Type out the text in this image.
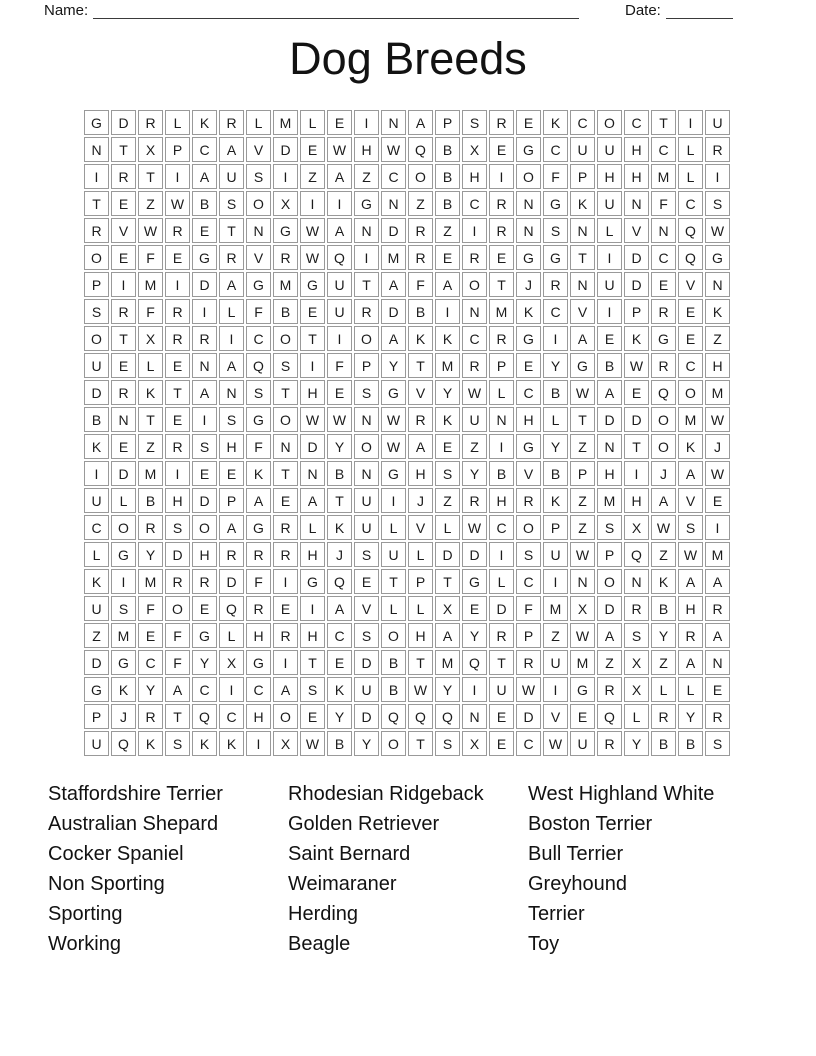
Name:	Date:
Dog Breeds
G	D	R	L	K	R	L	M	L	E	I	N	A	P	S	R	E	K	C	O	C	T	I	U
N	T	X	P	C	A	V	D	E	W	H	W	Q	B	X	E	G	C	U	U	H	C	L	R
I	R	T	I	A	U	S	I	Z	A	Z	C	O	B	H	I	O	F	P	H	H	M	L	I
T	E	Z	W	B	S	O	X	I	I	G	N	Z	B	C	R	N	G	K	U	N	F	C	S
R	V	W	R	E	T	N	G	W	A	N	D	R	Z	I	R	N	S	N	L	V	N	Q	W
O	E	F	E	G	R	V	R	W	Q	I	M	R	E	R	E	G	G	T	I	D	C	Q	G
P	I	M	I	D	A	G	M	G	U	T	A	F	A	O	T	J	R	N	U	D	E	V	N
S	R	F	R	I	L	F	B	E	U	R	D	B	I	N	M	K	C	V	I	P	R	E	K
O	T	X	R	R	I	C	O	T	I	O	A	K	K	C	R	G	I	A	E	K	G	E	Z
U	E	L	E	N	A	Q	S	I	F	P	Y	T	M	R	P	E	Y	G	B	W	R	C	H
D	R	K	T	A	N	S	T	H	E	S	G	V	Y	W	L	C	B	W	A	E	Q	O	M
B	N	T	E	I	S	G	O	W	W	N	W	R	K	U	N	H	L	T	D	D	O	M	W
K	E	Z	R	S	H	F	N	D	Y	O	W	A	E	Z	I	G	Y	Z	N	T	O	K	J
I	D	M	I	E	E	K	T	N	B	N	G	H	S	Y	B	V	B	P	H	I	J	A	W
U	L	B	H	D	P	A	E	A	T	U	I	J	Z	R	H	R	K	Z	M	H	A	V	E
C	O	R	S	O	A	G	R	L	K	U	L	V	L	W	C	O	P	Z	S	X	W	S	I
L	G	Y	D	H	R	R	R	H	J	S	U	L	D	D	I	S	U	W	P	Q	Z	W	M
K	I	M	R	R	D	F	I	G	Q	E	T	P	T	G	L	C	I	N	O	N	K	A	A
U	S	F	O	E	Q	R	E	I	A	V	L	L	X	E	D	F	M	X	D	R	B	H	R
Z	M	E	F	G	L	H	R	H	C	S	O	H	A	Y	R	P	Z	W	A	S	Y	R	A
D	G	C	F	Y	X	G	I	T	E	D	B	T	M	Q	T	R	U	M	Z	X	Z	A	N
G	K	Y	A	C	I	C	A	S	K	U	B	W	Y	I	U	W	I	G	R	X	L	L	E
P	J	R	T	Q	C	H	O	E	Y	D	Q	Q	Q	N	E	D	V	E	Q	L	R	Y	R
U	Q	K	S	K	K	I	X	W	B	Y	O	T	S	X	E	C	W	U	R	Y	B	B	S
Staffordshire Terrier
Australian Shepard
Cocker Spaniel
Non Sporting
Sporting
Working
Rhodesian Ridgeback
Golden Retriever
Saint Bernard
Weimaraner
Herding
Beagle
West Highland White
Boston Terrier
Bull Terrier
Greyhound
Terrier
Toy
